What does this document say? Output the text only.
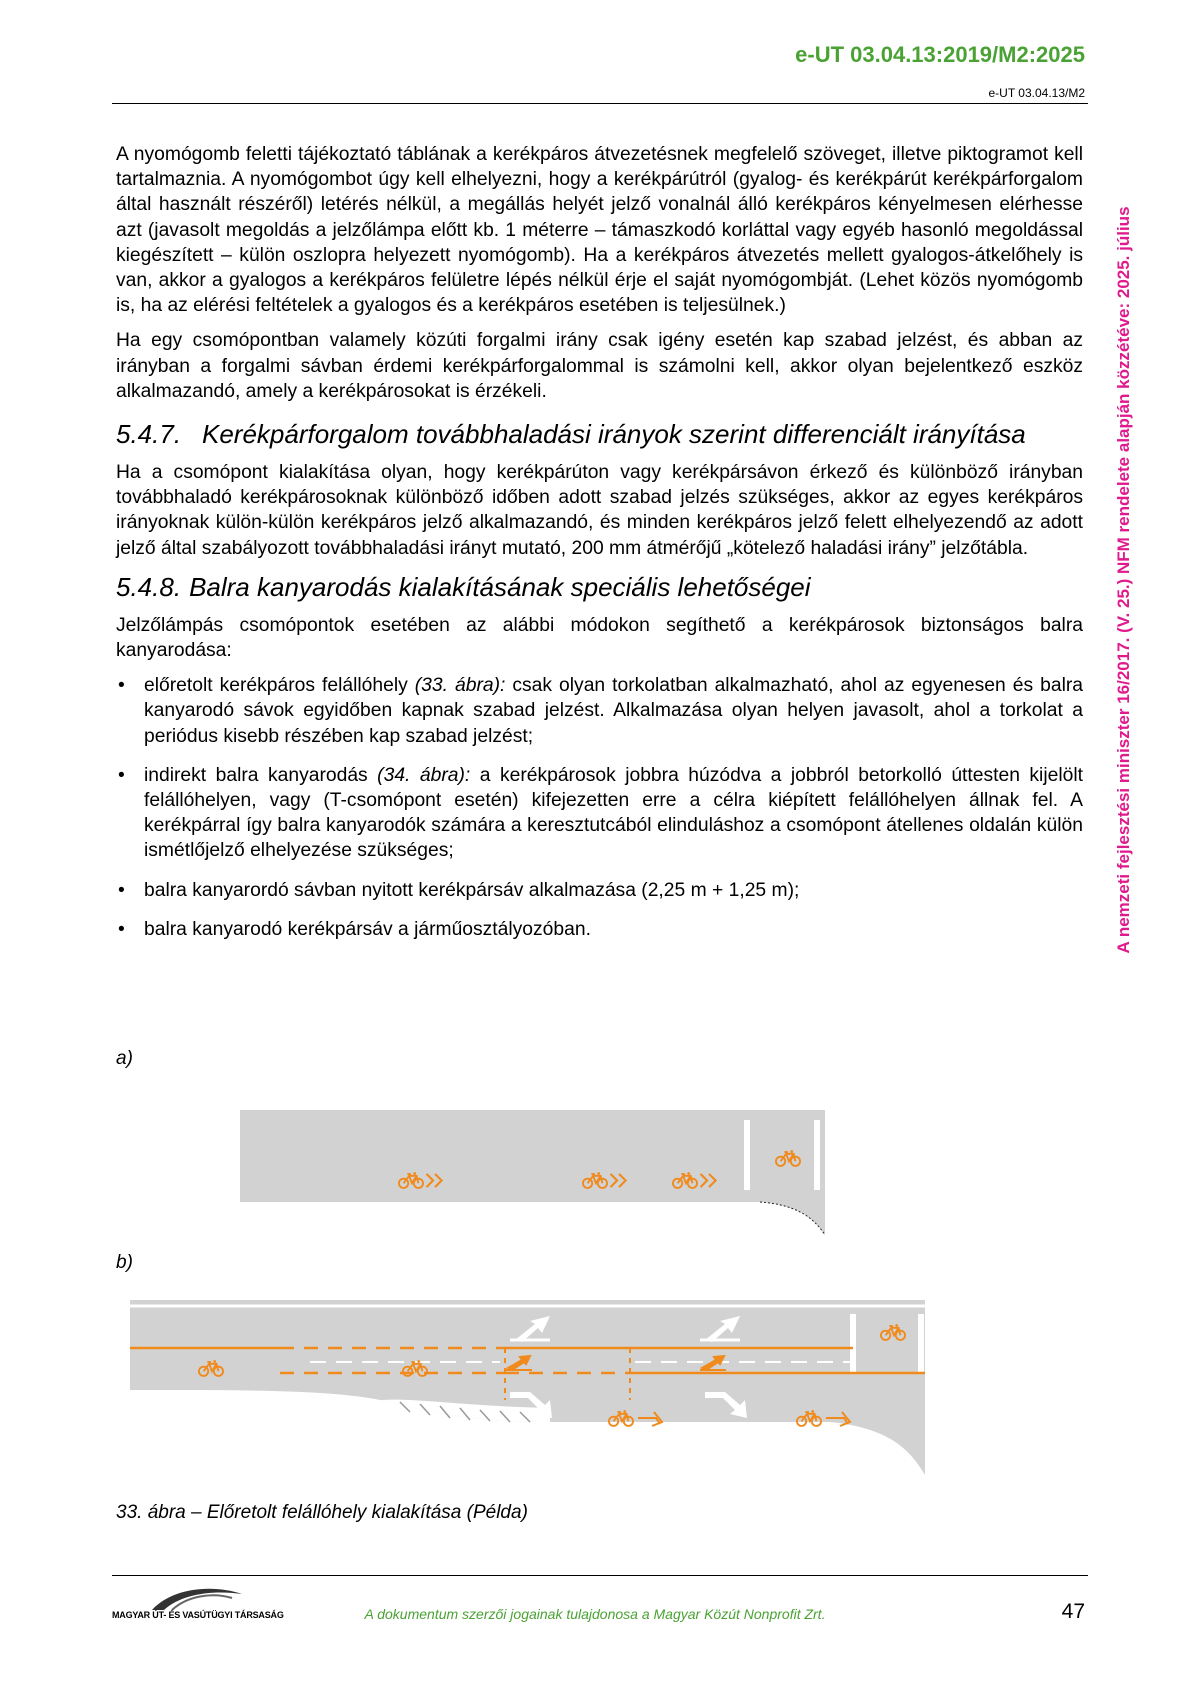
e-UT 03.04.13:2019/M2:2025
e-UT 03.04.13/M2
A nemzeti fejlesztési miniszter 16/2017. (V. 25.) NFM rendelete alapján közzétéve: 2025. július

A nyomógomb feletti tájékoztató táblának a kerékpáros átvezetésnek megfelelő szöveget, illetve piktogramot kell tartalmaznia. A nyomógombot úgy kell elhelyezni, hogy a kerékpárútról (gyalog- és kerékpárút kerékpárforgalom által használt részéről) letérés nélkül, a megállás helyét jelző vonalnál álló kerékpáros kényelmesen elérhesse azt (javasolt megoldás a jelzőlámpa előtt kb. 1 méterre – támaszkodó korláttal vagy egyéb hasonló megoldással kiegészített – külön oszlopra helyezett nyomógomb). Ha a kerékpáros átvezetés mellett gyalogos-átkelőhely is van, akkor a gyalogos a kerékpáros felületre lépés nélkül érje el saját nyomógombját. (Lehet közös nyomógomb is, ha az elérési feltételek a gyalogos és a kerékpáros esetében is teljesülnek.)

Ha egy csomópontban valamely közúti forgalmi irány csak igény esetén kap szabad jelzést, és abban az irányban a forgalmi sávban érdemi kerékpárforgalommal is számolni kell, akkor olyan bejelentkező eszköz alkalmazandó, amely a kerékpárosokat is érzékeli.

5.4.7. Kerékpárforgalom továbbhaladási irányok szerint differenciált irányítása

Ha a csomópont kialakítása olyan, hogy kerékpárúton vagy kerékpársávon érkező és különböző irányban továbbhaladó kerékpárosoknak különböző időben adott szabad jelzés szükséges, akkor az egyes kerékpáros irányoknak külön-külön kerékpáros jelző alkalmazandó, és minden kerékpáros jelző felett elhelyezendő az adott jelző által szabályozott továbbhaladási irányt mutató, 200 mm átmérőjű „kötelező haladási irány” jelzőtábla.

5.4.8. Balra kanyarodás kialakításának speciális lehetőségei

Jelzőlámpás csomópontok esetében az alábbi módokon segíthető a kerékpárosok biztonságos balra kanyarodása:

• előretolt kerékpáros felállóhely (33. ábra): csak olyan torkolatban alkalmazható, ahol az egyenesen és balra kanyarodó sávok egyidőben kapnak szabad jelzést. Alkalmazása olyan helyen javasolt, ahol a torkolat a periódus kisebb részében kap szabad jelzést;
• indirekt balra kanyarodás (34. ábra): a kerékpárosok jobbra húzódva a jobbról betorkolló úttesten kijelölt felállóhelyen, vagy (T-csomópont esetén) kifejezetten erre a célra kiépített felállóhelyen állnak fel. A kerékpárral így balra kanyarodók számára a keresztutcából elinduláshoz a csomópont átellenes oldalán külön ismétlőjelző elhelyezése szükséges;
• balra kanyarordó sávban nyitott kerékpársáv alkalmazása (2,25 m + 1,25 m);
• balra kanyarodó kerékpársáv a járműosztályozóban.
a)
b)
33. ábra – Előretolt felállóhely kialakítása (Példa)
MAGYAR ÚT- ÉS VASÚTÜGYI TÁRSASÁG	A dokumentum szerzői jogainak tulajdonosa a Magyar Közút Nonprofit Zrt.	47
